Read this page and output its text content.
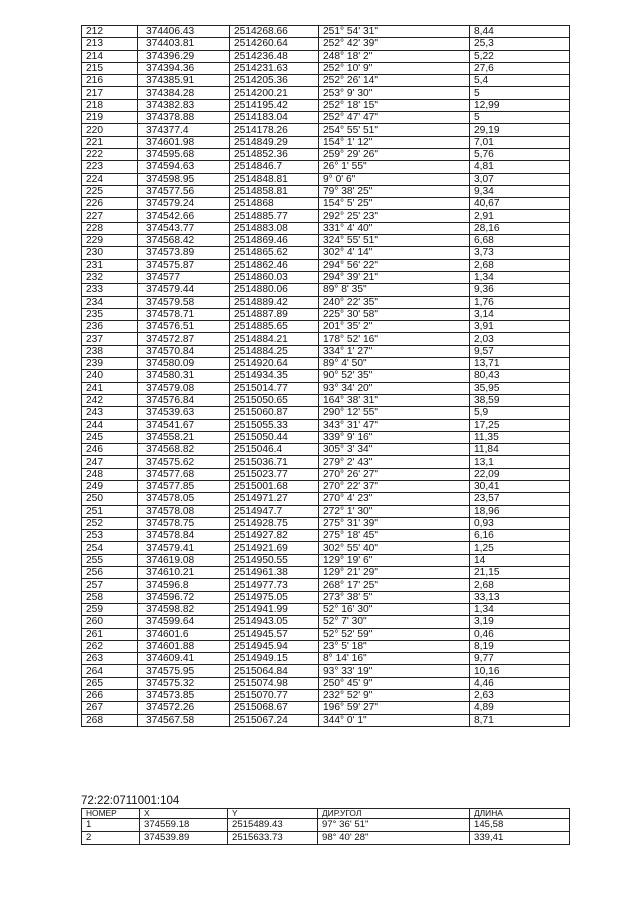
212	374406.43	2514268.66	251° 54' 31"	8,44
213	374403.81	2514260.64	252° 42' 39"	25,3
214	374396.29	2514236.48	248° 18' 2"	5,22
215	374394.36	2514231.63	252° 10' 9"	27,6
216	374385.91	2514205.36	252° 26' 14"	5,4
217	374384.28	2514200.21	253° 9' 30"	5
218	374382.83	2514195.42	252° 18' 15"	12,99
219	374378.88	2514183.04	252° 47' 47"	5
220	374377.4	2514178.26	254° 55' 51"	29,19
221	374601.98	2514849.29	154° 1' 12"	7,01
222	374595.68	2514852.36	259° 29' 26"	5,76
223	374594.63	2514846.7	26° 1' 55"	4,81
224	374598.95	2514848.81	9° 0' 6"	3,07
225	374577.56	2514858.81	79° 38' 25"	9,34
226	374579.24	2514868	154° 5' 25"	40,67
227	374542.66	2514885.77	292° 25' 23"	2,91
228	374543.77	2514883.08	331° 4' 40"	28,16
229	374568.42	2514869.46	324° 55' 51"	6,68
230	374573.89	2514865.62	302° 4' 14"	3,73
231	374575.87	2514862.46	294° 56' 22"	2,68
232	374577	2514860.03	294° 39' 21"	1,34
233	374579.44	2514880.06	89° 8' 35"	9,36
234	374579.58	2514889.42	240° 22' 35"	1,76
235	374578.71	2514887.89	225° 30' 58"	3,14
236	374576.51	2514885.65	201° 35' 2"	3,91
237	374572.87	2514884.21	178° 52' 16"	2,03
238	374570.84	2514884.25	334° 1' 27"	9,57
239	374580.09	2514920.64	89° 4' 50"	13,71
240	374580.31	2514934.35	90° 52' 35"	80,43
241	374579.08	2515014.77	93° 34' 20"	35,95
242	374576.84	2515050.65	164° 38' 31"	38,59
243	374539.63	2515060.87	290° 12' 55"	5,9
244	374541.67	2515055.33	343° 31' 47"	17,25
245	374558.21	2515050.44	339° 9' 16"	11,35
246	374568.82	2515046.4	305° 3' 34"	11,84
247	374575.62	2515036.71	279° 2' 43"	13,1
248	374577.68	2515023.77	270° 26' 27"	22,09
249	374577.85	2515001.68	270° 22' 37"	30,41
250	374578.05	2514971.27	270° 4' 23"	23,57
251	374578.08	2514947.7	272° 1' 30"	18,96
252	374578.75	2514928.75	275° 31' 39"	0,93
253	374578.84	2514927.82	275° 18' 45"	6,16
254	374579.41	2514921.69	302° 55' 40"	1,25
255	374619.08	2514950.55	129° 19' 6"	14
256	374610.21	2514961.38	129° 21' 29"	21,15
257	374596.8	2514977.73	268° 17' 25"	2,68
258	374596.72	2514975.05	273° 38' 5"	33,13
259	374598.82	2514941.99	52° 16' 30"	1,34
260	374599.64	2514943.05	52° 7' 30"	3,19
261	374601.6	2514945.57	52° 52' 59"	0,46
262	374601.88	2514945.94	23° 5' 18"	8,19
263	374609.41	2514949.15	8° 14' 16"	9,77
264	374575.95	2515064.84	93° 33' 19"	10,16
265	374575.32	2515074.98	250° 45' 9"	4,46
266	374573.85	2515070.77	232° 52' 9"	2,63
267	374572.26	2515068.67	196° 59' 27"	4,89
268	374567.58	2515067.24	344° 0' 1"	8,71
72:22:0711001:104
НОМЕР	X	Y	ДИР.УГОЛ	ДЛИНА
1	374559.18	2515489.43	97° 36' 51"	145,58
2	374539.89	2515633.73	98° 40' 28"	339,41
